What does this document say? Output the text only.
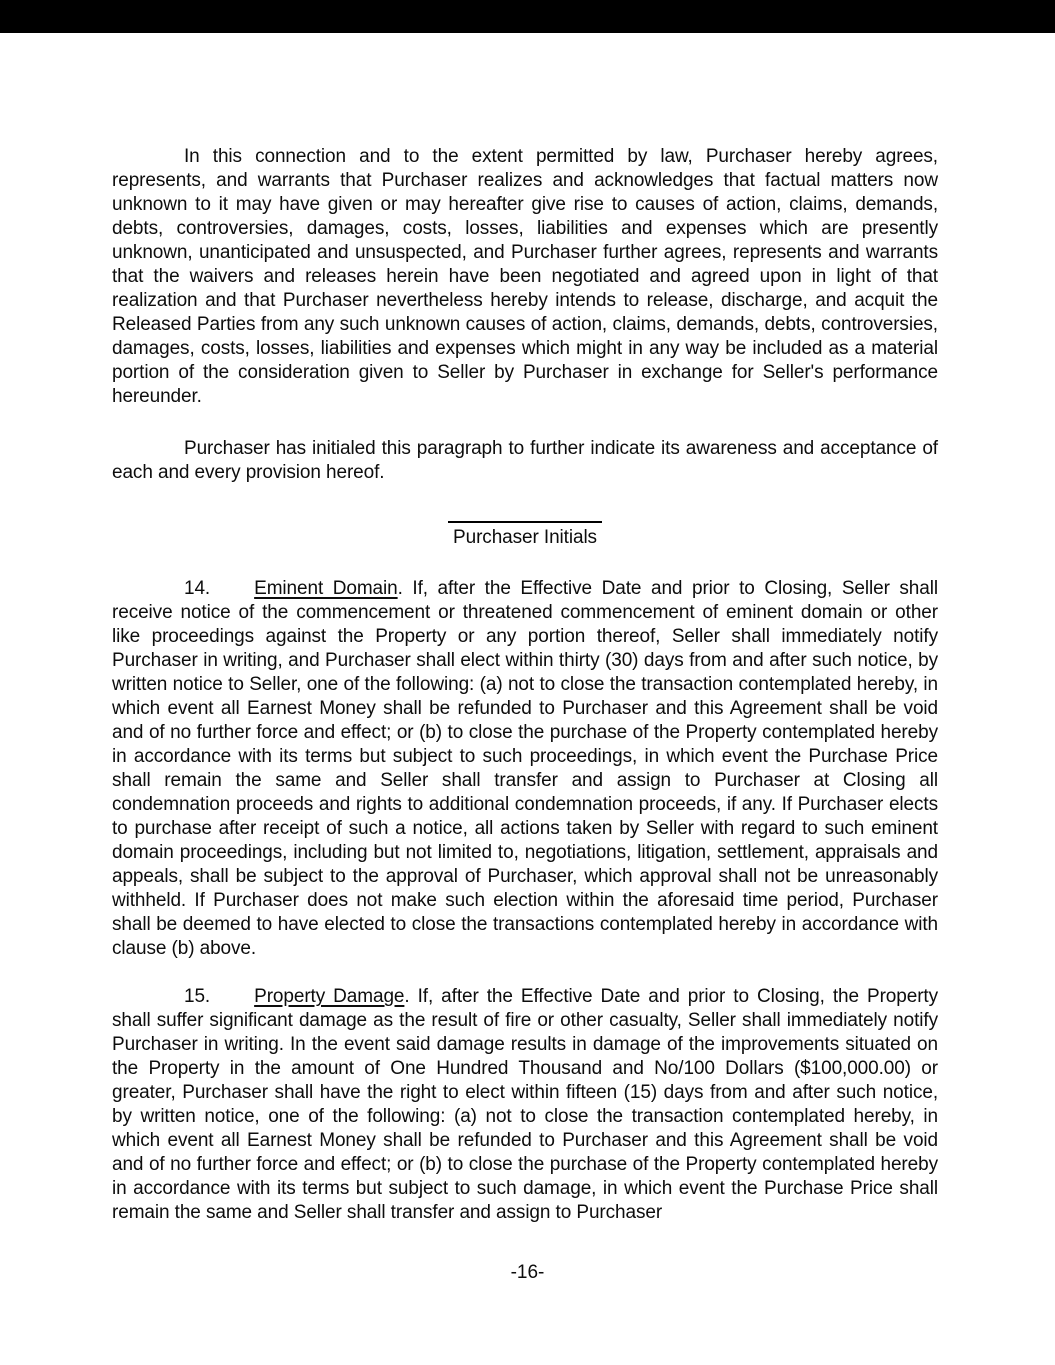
In this connection and to the extent permitted by law, Purchaser hereby agrees, represents, and warrants that Purchaser realizes and acknowledges that factual matters now unknown to it may have given or may hereafter give rise to causes of action, claims, demands, debts, controversies, damages, costs, losses, liabilities and expenses which are presently unknown, unanticipated and unsuspected, and Purchaser further agrees, represents and warrants that the waivers and releases herein have been negotiated and agreed upon in light of that realization and that Purchaser nevertheless hereby intends to release, discharge, and acquit the Released Parties from any such unknown causes of action, claims, demands, debts, controversies, damages, costs, losses, liabilities and expenses which might in any way be included as a material portion of the consideration given to Seller by Purchaser in exchange for Seller's performance hereunder.

Purchaser has initialed this paragraph to further indicate its awareness and acceptance of each and every provision hereof.

Purchaser Initials

14. Eminent Domain. If, after the Effective Date and prior to Closing, Seller shall receive notice of the commencement or threatened commencement of eminent domain or other like proceedings against the Property or any portion thereof, Seller shall immediately notify Purchaser in writing, and Purchaser shall elect within thirty (30) days from and after such notice, by written notice to Seller, one of the following: (a) not to close the transaction contemplated hereby, in which event all Earnest Money shall be refunded to Purchaser and this Agreement shall be void and of no further force and effect; or (b) to close the purchase of the Property contemplated hereby in accordance with its terms but subject to such proceedings, in which event the Purchase Price shall remain the same and Seller shall transfer and assign to Purchaser at Closing all condemnation proceeds and rights to additional condemnation proceeds, if any. If Purchaser elects to purchase after receipt of such a notice, all actions taken by Seller with regard to such eminent domain proceedings, including but not limited to, negotiations, litigation, settlement, appraisals and appeals, shall be subject to the approval of Purchaser, which approval shall not be unreasonably withheld. If Purchaser does not make such election within the aforesaid time period, Purchaser shall be deemed to have elected to close the transactions contemplated hereby in accordance with clause (b) above.

15. Property Damage. If, after the Effective Date and prior to Closing, the Property shall suffer significant damage as the result of fire or other casualty, Seller shall immediately notify Purchaser in writing. In the event said damage results in damage of the improvements situated on the Property in the amount of One Hundred Thousand and No/100 Dollars ($100,000.00) or greater, Purchaser shall have the right to elect within fifteen (15) days from and after such notice, by written notice, one of the following: (a) not to close the transaction contemplated hereby, in which event all Earnest Money shall be refunded to Purchaser and this Agreement shall be void and of no further force and effect; or (b) to close the purchase of the Property contemplated hereby in accordance with its terms but subject to such damage, in which event the Purchase Price shall remain the same and Seller shall transfer and assign to Purchaser

-16-
